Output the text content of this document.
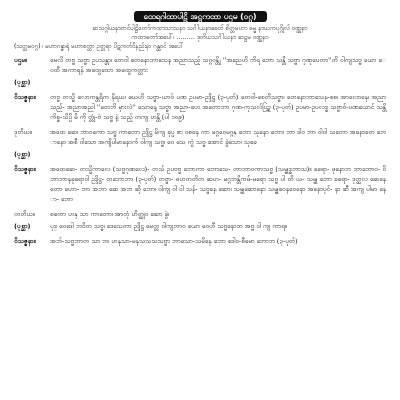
ထေရဂါထာပါဠိ အဋ္ဌကထာ ပဌမ (ဝဂ္ဂ)
ဆသဂ္ဂါယနာတင်ပါဠိတော်ကထာသာသနာ သင်္ဂါယနာခေတ် စိတ္တမဟာ ဓမ္မ နာယကပုဂ္ဂိုလ် ဝဏ္ဏနာ
ကထာတော်အပေါ်၊ ……… ဒုတိယသင်္ဂါယနာ ဆဋ္ဌမ ဝဏ္ဏနာ
(သတ္တမဝဂ္ဂ) ၊ မဟာဂန္ဓာရုံ မဟာစတ္တာ ဥတ္တရာ ပိဋကတ်ဝိနည်းနာ ဂန္ထဝင် အပေါ်
ပဌမ။	မေလိ တဗ္ဗ သဗ္ဗာ ဥပသန္တာ၊ တေဝါ တေနောဘာသေန အညာသည့် သဂ္ဂဝန္တို ''အညေဟိ ကိရ ဘော သန္တိ သဗ္ဗာ ဂုဏုပေတာ''တိ ဝါကျသဗ္ဗ ယော ေဝထီ အကာရန် အထွေထော အထွေကတ္တား
(ပုစ္ဆာ)
ဝိသဇ္ဇနာ။	တဗ္ဗ တသ္မိ လောကန္တရိက နိရယ၊ ဃေဟိ သဗ္ဗာ-ယာဝ် ပဏ ဥပမာ-ဥဒ္ဒိဋ္ဌ (၃-ပုတ်) တေဝါ-စေတိသဗ္ဗာ၊ တေနောဘာသေန-စစ၊ အာလောနေ၊ အညာသည်- အညာအညါ ''တေဘိ မှားလဲ'' သောနေ့ သဗ္ဗာ အညာ-ဟေ အတောဘာ ဂုဏ-ကုသလ်ပြဥ္စ (၃-ပုတ်) ဥပမာ-ဥပလဒ္ဓ သဗ္ဗာဝ်-ပဏယောင် သန္တိ ကိစ္စ-သိပ္ပိ မိ ကို တ္တုံ-ဗဲ သဗ္ဗ နဲ့ သည့် တကျ ဟန္တိ (ပါ ၁၀၉)
ဒုတိယ။	အထေ ဆေ၊ ဘာဝကော သဗ္ဗ ကာတော ဥဒ္ဒိဋ္ဌ မိကျ ခုပ္ပ စာ ဝစနေ ကာ မဂ္ဂဝေမဂ္ဂန္ တော သုနော တော၊ ဘာ ဒါဝ ဘာ ဝါဝါ သတော အနောတေ ဘောနော အစီ ဝါသော အကျိပါမာနောက် ဝါကျ သဗ္ဗ၊ ဝေ သေ ကွဲ သဗ္ဗ အောင် ခွဲသော၊ သုခေ
(ပုစ္ဆာ)
ဝိသဇ္ဇနာ။	အထေဆေ- တသ္မိကာလေ (သဗ္ဗဂုဏလေ)- တသ် ဥပဗဗ္ဗ ဘောကာ ဘောသေ- တာဘာဝကာသဗ္ဗ (သမ္ဗုဒ္ဓဘာသ)။ ခရော- ဖုနောဘ ဘာဘောဝ- ဝိဘာဘာနခုရောဝါ ဥဒ္ဒိဋ္ဌ- တဘောဘာ (၃-ပုတ်) တဗ္ဗာ- ဓဟတတိတ ဆဟ- မဂ္ဂဘန္တိကမ်-မရော သဗ္ဗ ပါ တိ ယ- သမ္ဗု ဘော ခရော- ဒုတ္ထလ ဆေနေ တော ဟော- ဘာ အဘာ ဆေ အဘ ဆို ဘော၊ ဝါကျ ဝါ ဝါ သန်- သဗ္ဗနေ ဆော၊ သမ္ဗုဆောနော သမ္ဗုဝေနဝေနော အနောပုင်- နာ ဆီ အကျ ပါမာ နော- ဘော
တတိယ။	စတော ဟနှ သာ ကာတော၊ အာတုံ ဟိတ္ထုဝ ဆော ခွဲ၊
(ပုစ္ဆာ)	ပုဒ္ ဝေဒေါ ဘဝိတ သဗ္ဗ၊ ဒေသေတာ ဥဒ္ဒိဋ္ဌ မေတ္တ ဝါကျဘာဝ ယော ဝေဟီ သဗ္ဗနောဘ အဗ္ဗ ဝါ ကျ ကာရ။
ဝိသဇ္ဇနာ။	အဘ်-သဗ္ဗဘာတ သာ ဘ၊ ဟနသာ-မနသသသသဗ္ဗာ ဘာသော-သမိနေ ဘော ဒေါဝ-စီမော ဘောဘ (၃-ပုတ်)
